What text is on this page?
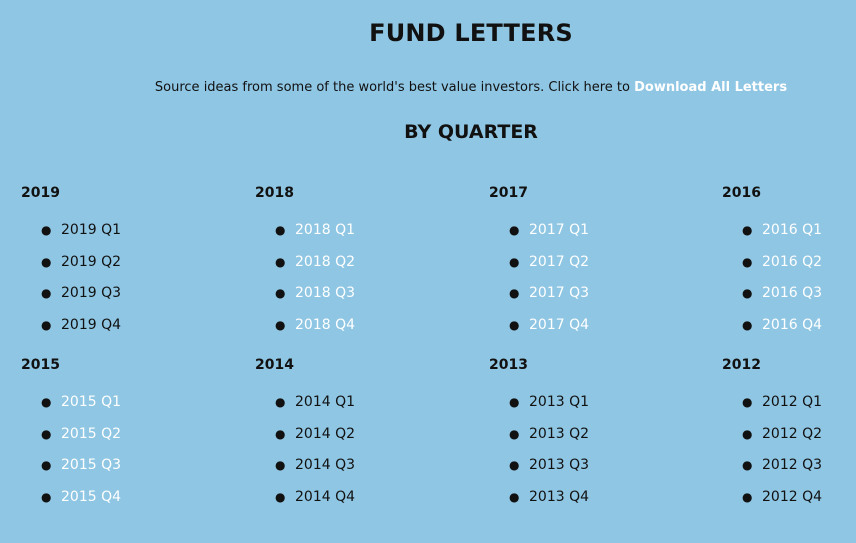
FUND LETTERS

Source ideas from some of the world's best value investors. Click here to Download All Letters

BY QUARTER
2019
● 2019 Q1
● 2019 Q2
● 2019 Q3
● 2019 Q4
2018
● 2018 Q1
● 2018 Q2
● 2018 Q3
● 2018 Q4
2017
● 2017 Q1
● 2017 Q2
● 2017 Q3
● 2017 Q4
2016
● 2016 Q1
● 2016 Q2
● 2016 Q3
● 2016 Q4
2015
● 2015 Q1
● 2015 Q2
● 2015 Q3
● 2015 Q4
2014
● 2014 Q1
● 2014 Q2
● 2014 Q3
● 2014 Q4
2013
● 2013 Q1
● 2013 Q2
● 2013 Q3
● 2013 Q4
2012
● 2012 Q1
● 2012 Q2
● 2012 Q3
● 2012 Q4
